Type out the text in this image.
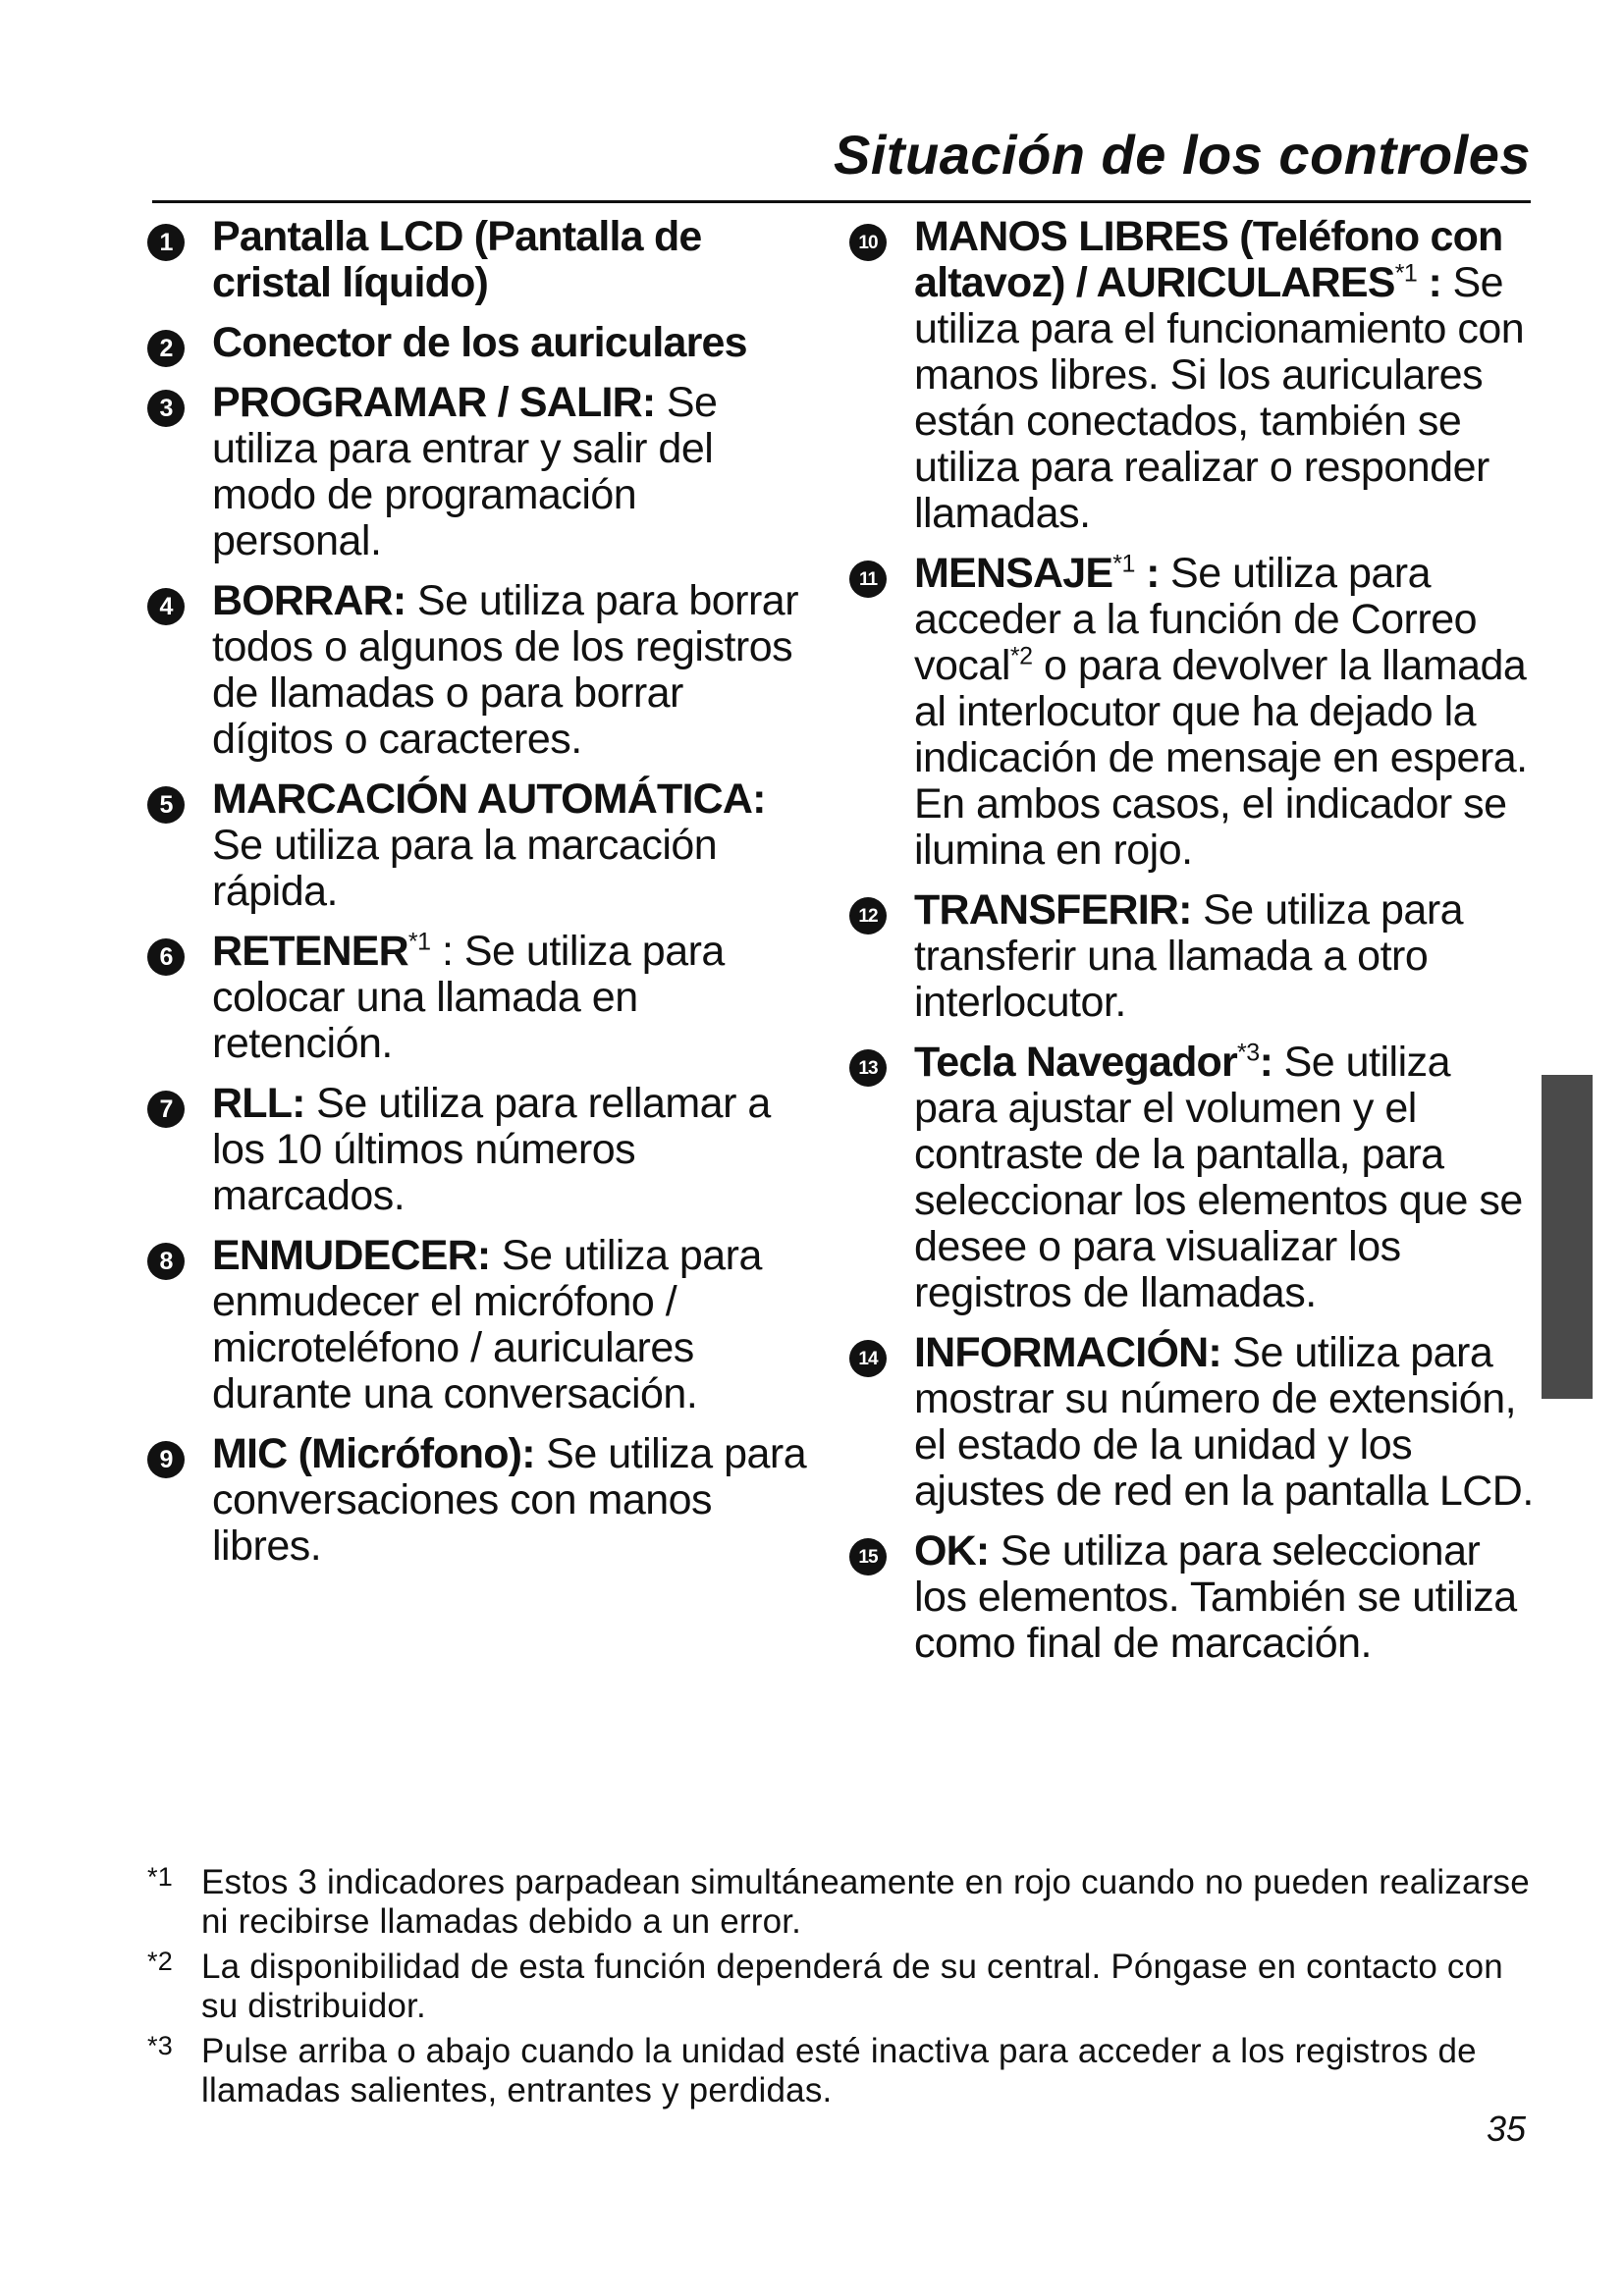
Situación de los controles
1 Pantalla LCD (Pantalla de cristal líquido)
2 Conector de los auriculares
3 PROGRAMAR / SALIR: Se utiliza para entrar y salir del modo de programación personal.
4 BORRAR: Se utiliza para borrar todos o algunos de los registros de llamadas o para borrar dígitos o caracteres.
5 MARCACIÓN AUTOMÁTICA: Se utiliza para la marcación rápida.
6 RETENER$^{*1}$ : Se utiliza para colocar una llamada en retención.
7 RLL: Se utiliza para rellamar a los 10 últimos números marcados.
8 ENMUDECER: Se utiliza para enmudecer el micrófono / microteléfono / auriculares durante una conversación.
9 MIC (Micrófono): Se utiliza para conversaciones con manos libres.
10 MANOS LIBRES (Teléfono con altavoz) / AURICULARES$^{*1}$ : Se utiliza para el funcionamiento con manos libres. Si los auriculares están conectados, también se utiliza para realizar o responder llamadas.
11 MENSAJE$^{*1}$ : Se utiliza para acceder a la función de Correo vocal$^{*2}$ o para devolver la llamada al interlocutor que ha dejado la indicación de mensaje en espera. En ambos casos, el indicador se ilumina en rojo.
12 TRANSFERIR: Se utiliza para transferir una llamada a otro interlocutor.
13 Tecla Navegador$^{*3}$: Se utiliza para ajustar el volumen y el contraste de la pantalla, para seleccionar los elementos que se desee o para visualizar los registros de llamadas.
14 INFORMACIÓN: Se utiliza para mostrar su número de extensión, el estado de la unidad y los ajustes de red en la pantalla LCD.
15 OK: Se utiliza para seleccionar los elementos. También se utiliza como final de marcación.
*1 Estos 3 indicadores parpadean simultáneamente en rojo cuando no pueden realizarse ni recibirse llamadas debido a un error.
*2 La disponibilidad de esta función dependerá de su central. Póngase en contacto con su distribuidor.
*3 Pulse arriba o abajo cuando la unidad esté inactiva para acceder a los registros de llamadas salientes, entrantes y perdidas.
35
